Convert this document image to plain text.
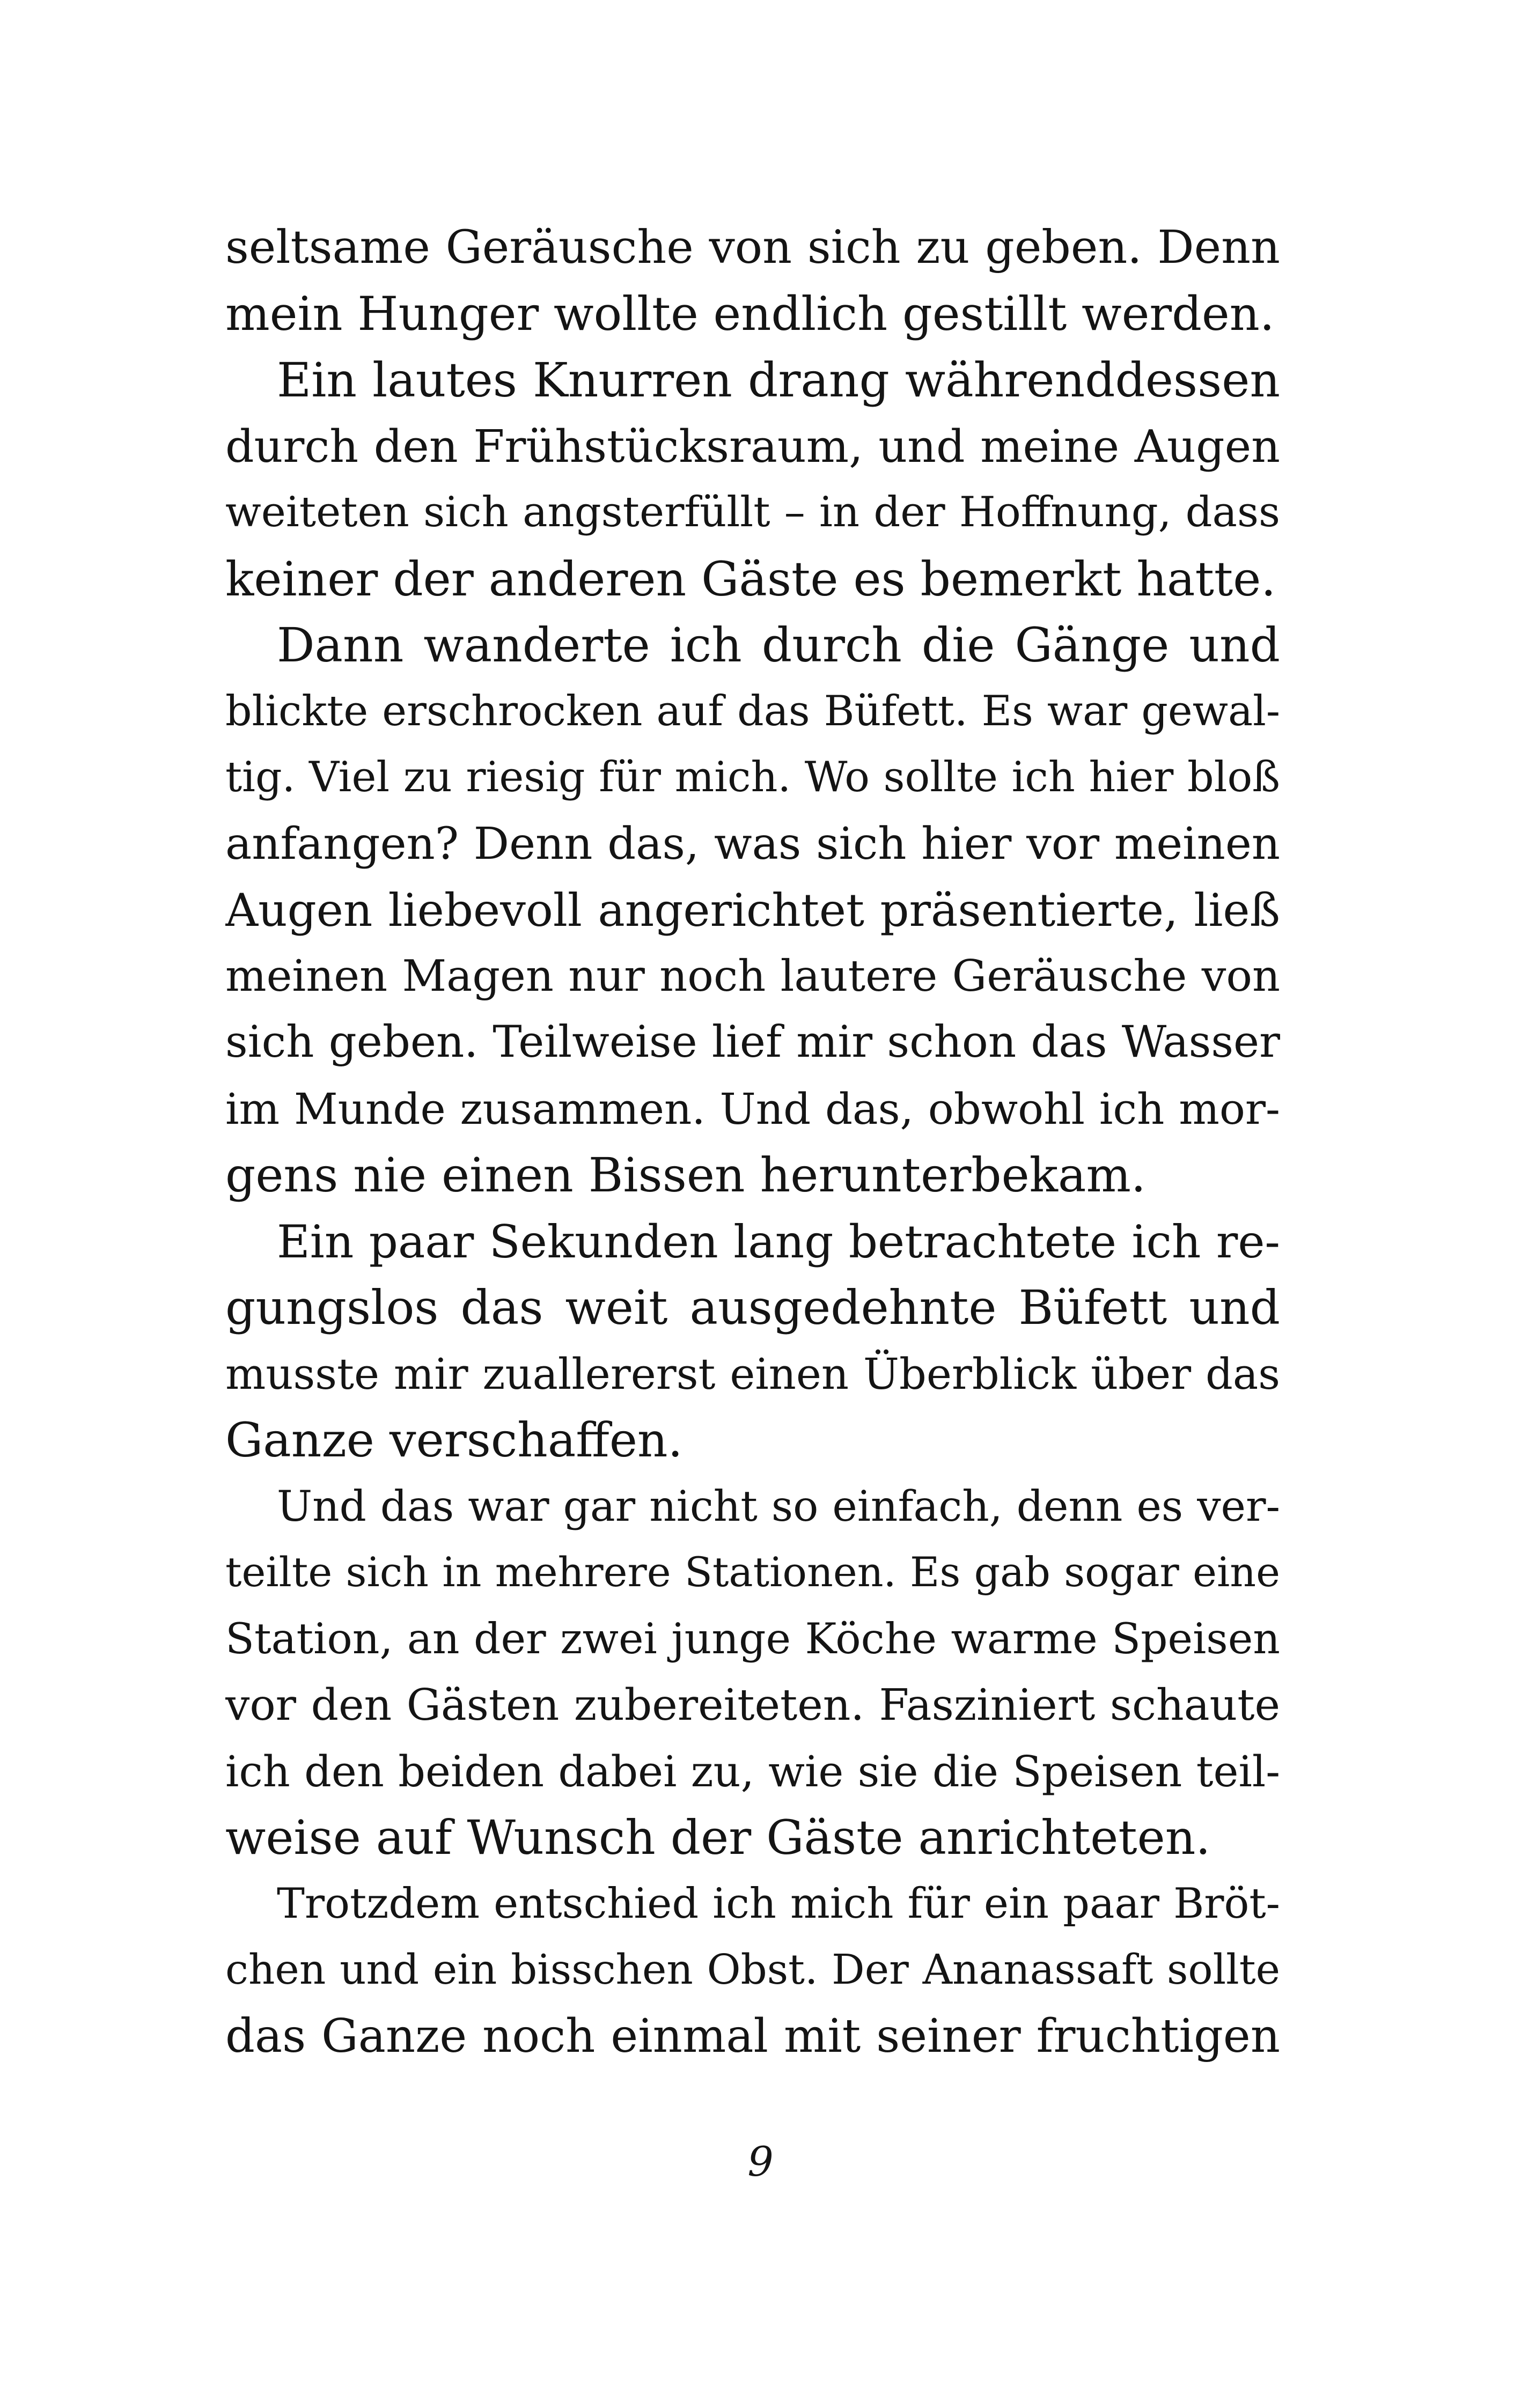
seltsame Geräusche von sich zu geben. Denn
mein Hunger wollte endlich gestillt werden.
Ein lautes Knurren drang währenddessen
durch den Frühstücksraum, und meine Augen
weiteten sich angsterfüllt – in der Hoffnung, dass
keiner der anderen Gäste es bemerkt hatte.
Dann wanderte ich durch die Gänge und
blickte erschrocken auf das Büfett. Es war gewal-
tig. Viel zu riesig für mich. Wo sollte ich hier bloß
anfangen? Denn das, was sich hier vor meinen
Augen liebevoll angerichtet präsentierte, ließ
meinen Magen nur noch lautere Geräusche von
sich geben. Teilweise lief mir schon das Wasser
im Munde zusammen. Und das, obwohl ich mor-
gens nie einen Bissen herunterbekam.
Ein paar Sekunden lang betrachtete ich re-
gungslos das weit ausgedehnte Büfett und
musste mir zuallererst einen Überblick über das
Ganze verschaffen.
Und das war gar nicht so einfach, denn es ver-
teilte sich in mehrere Stationen. Es gab sogar eine
Station, an der zwei junge Köche warme Speisen
vor den Gästen zubereiteten. Fasziniert schaute
ich den beiden dabei zu, wie sie die Speisen teil-
weise auf Wunsch der Gäste anrichteten.
Trotzdem entschied ich mich für ein paar Bröt-
chen und ein bisschen Obst. Der Ananassaft sollte
das Ganze noch einmal mit seiner fruchtigen
9
